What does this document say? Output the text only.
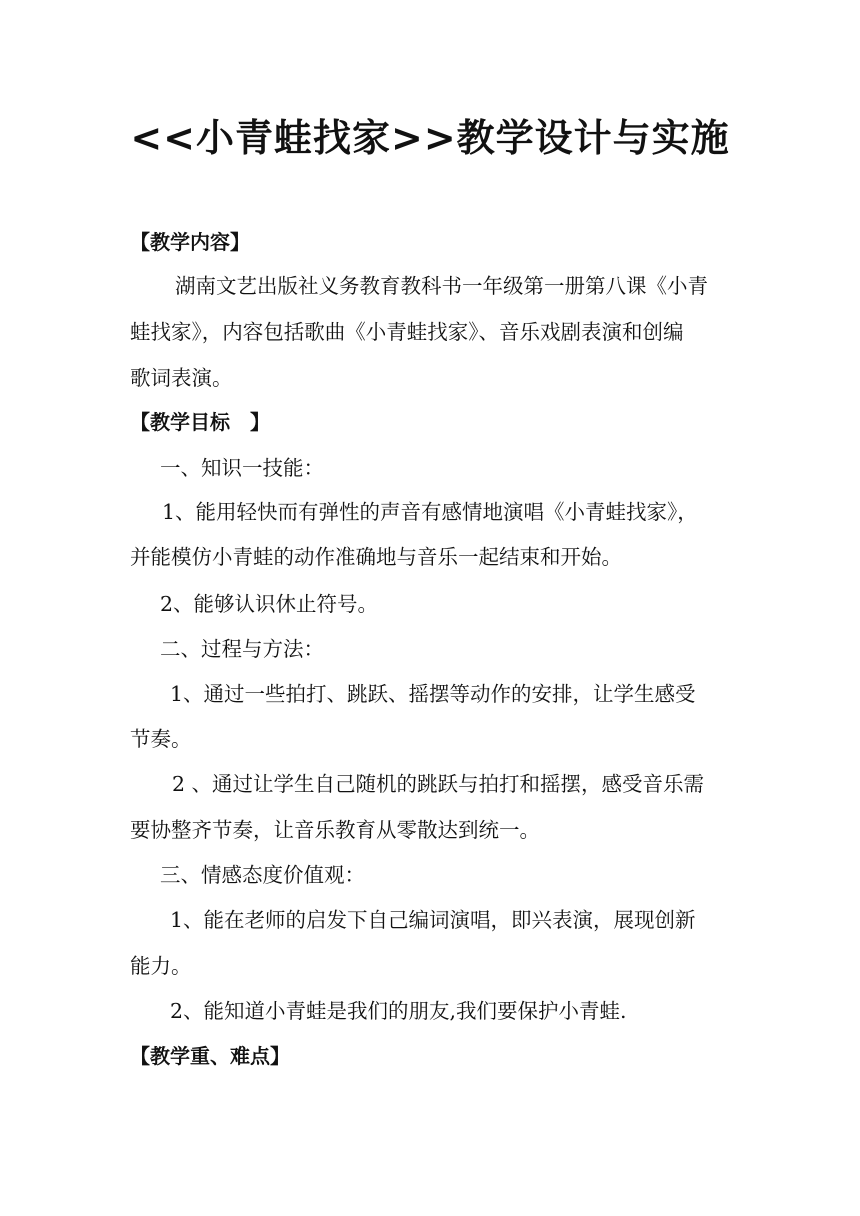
<<小青蛙找家>>教学设计与实施
【教学内容】
湖南文艺出版社义务教育教科书一年级第一册第八课《小青
蛙找家》，内容包括歌曲《小青蛙找家》、音乐戏剧表演和创编
歌词表演。
【教学目标　】
一、知识一技能：
1、能用轻快而有弹性的声音有感情地演唱《小青蛙找家》，
并能模仿小青蛙的动作准确地与音乐一起结束和开始。
2、能够认识休止符号。
二、过程与方法：
1、通过一些拍打、跳跃、摇摆等动作的安排，让学生感受
节奏。
2 、通过让学生自己随机的跳跃与拍打和摇摆，感受音乐需
要协整齐节奏，让音乐教育从零散达到统一。
三、情感态度价值观：
1、能在老师的启发下自己编词演唱，即兴表演，展现创新
能力。
2、能知道小青蛙是我们的朋友,我们要保护小青蛙.
【教学重、难点】
